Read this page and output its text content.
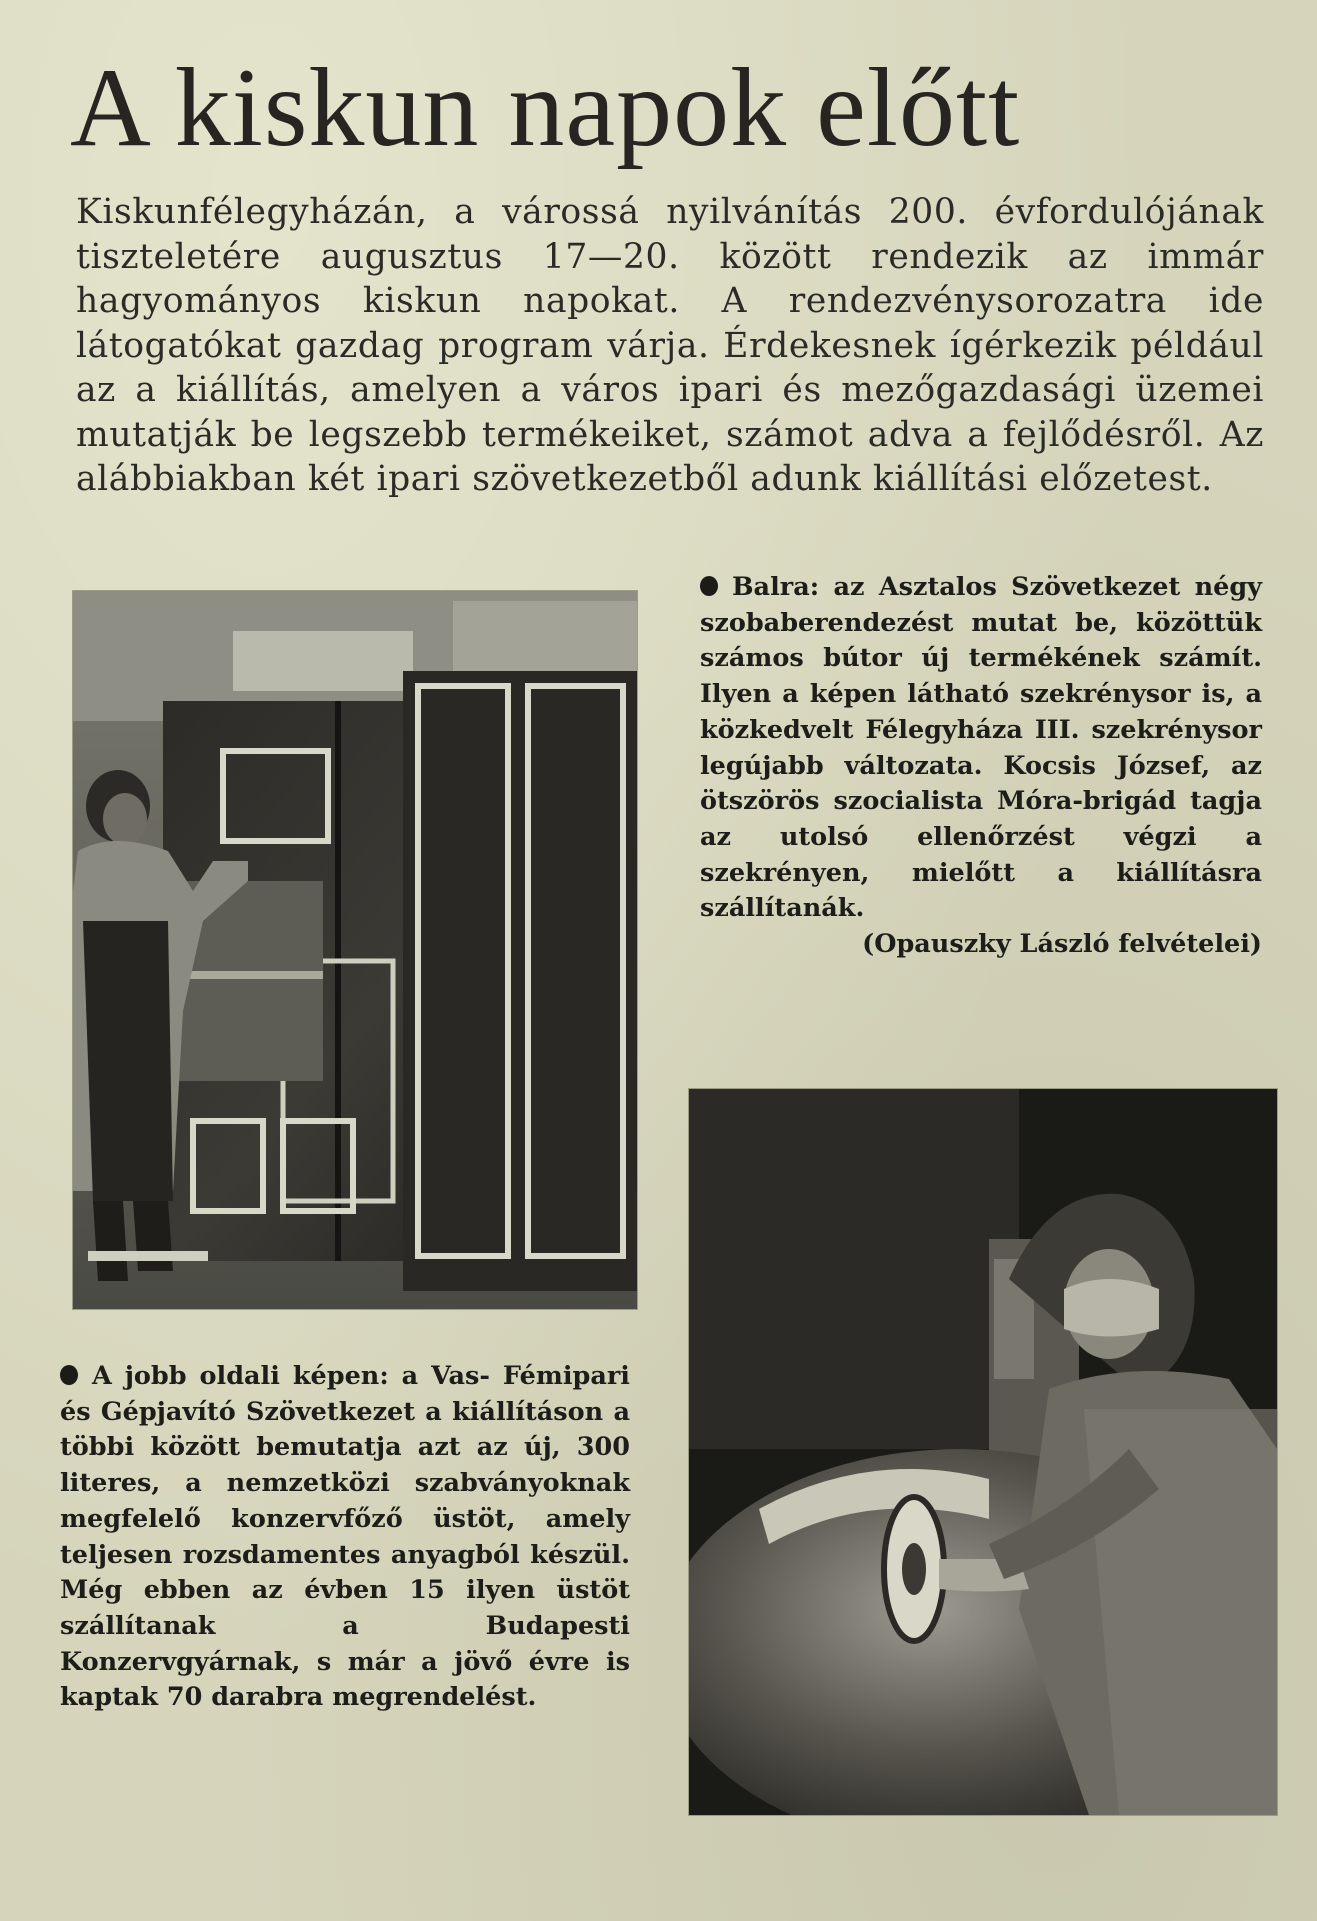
A kiskun napok előtt

Kiskunfélegyházán, a várossá nyilvánítás 200. évfordulójának tiszteletére augusztus 17—20. között rendezik az immár hagyományos kiskun napokat. A rendezvénysorozatra ide látogatókat gazdag program várja. Érdekesnek ígérkezik például az a kiállítás, amelyen a város ipari és mezőgazdasági üzemei mutatják be legszebb termékeiket, számot adva a fejlődésről. Az alábbiakban két ipari szövetkezetből adunk kiállítási előzetest.

Balra: az Asztalos Szövetkezet négy szobaberendezést mutat be, közöttük számos bútor új termékének számít. Ilyen a képen látható szekrénysor is, a közkedvelt Félegyháza III. szekrénysor legújabb változata. Kocsis József, az ötszörös szocialista Móra-brigád tagja az utolsó ellenőrzést végzi a szekrényen, mielőtt a kiállításra szállítanák.
(Opauszky László felvételei)

A jobb oldali képen: a Vas- Fémipari és Gépjavító Szövetkezet a kiállításon a többi között bemutatja azt az új, 300 literes, a nemzetközi szabványoknak megfelelő konzervfőző üstöt, amely teljesen rozsdamentes anyagból készül. Még ebben az évben 15 ilyen üstöt szállítanak a Budapesti Konzervgyárnak, s már a jövő évre is kaptak 70 darabra megrendelést.
